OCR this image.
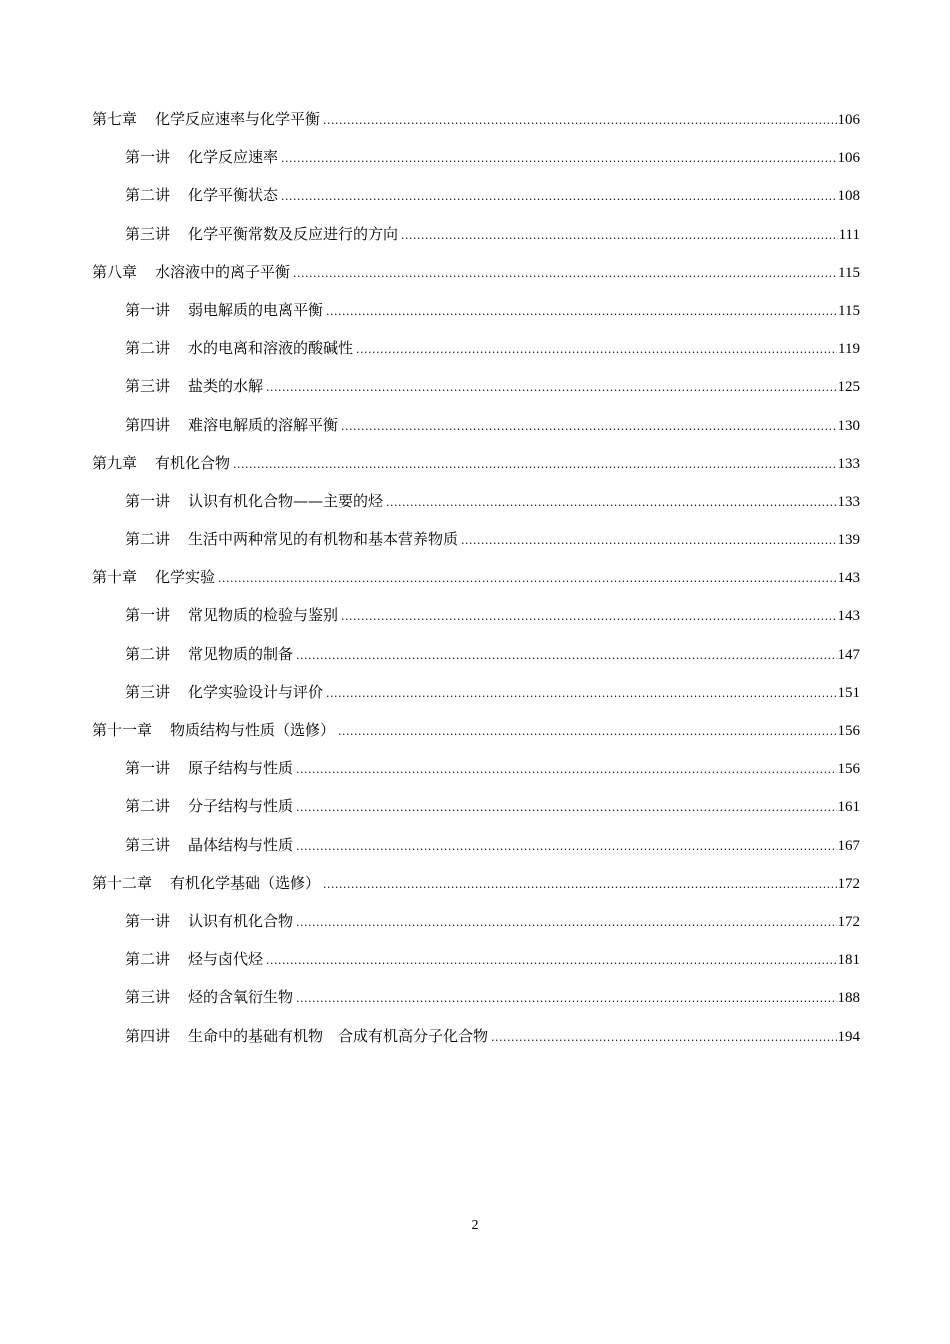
第七章 化学反应速率与化学平衡 .....	106
第一讲 化学反应速率 .....	106
第二讲 化学平衡状态 .....	108
第三讲 化学平衡常数及反应进行的方向 .....	111
第八章 水溶液中的离子平衡 .....	115
第一讲 弱电解质的电离平衡 .....	115
第二讲 水的电离和溶液的酸碱性 .....	119
第三讲 盐类的水解 .....	125
第四讲 难溶电解质的溶解平衡 .....	130
第九章 有机化合物 .....	133
第一讲 认识有机化合物——主要的烃 .....	133
第二讲 生活中两种常见的有机物和基本营养物质 .....	139
第十章 化学实验 .....	143
第一讲 常见物质的检验与鉴别 .....	143
第二讲 常见物质的制备 .....	147
第三讲 化学实验设计与评价 .....	151
第十一章 物质结构与性质（选修） .....	156
第一讲 原子结构与性质 .....	156
第二讲 分子结构与性质 .....	161
第三讲 晶体结构与性质 .....	167
第十二章 有机化学基础（选修） .....	172
第一讲 认识有机化合物 .....	172
第二讲 烃与卤代烃 .....	181
第三讲 烃的含氧衍生物 .....	188
第四讲 生命中的基础有机物　合成有机高分子化合物 .....	194
2
